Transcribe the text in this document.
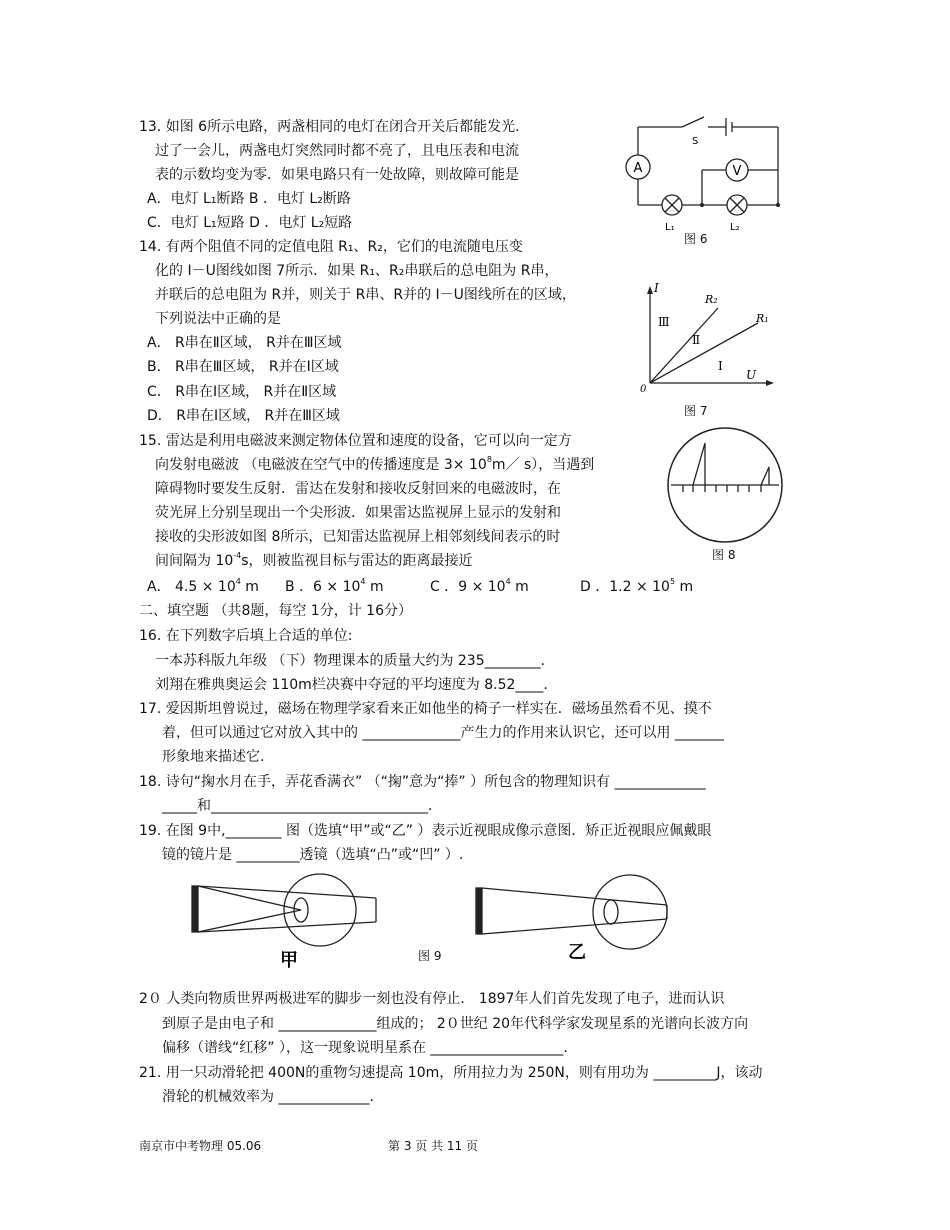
13. 如图 6所示电路，两盏相同的电灯在闭合开关后都能发光.
过了一会儿，两盏电灯突然同时都不亮了，且电压表和电流
表的示数均变为零．如果电路只有一处故障，则故障可能是
A．电灯 L₁断路 B ．电灯 L₂断路
C．电灯 L₁短路 D ．电灯 L₂短路
A	V
S
L₁	L₂
图 6
14. 有两个阻值不同的定值电阻 R₁、R₂，它们的电流随电压变
化的 I－U图线如图 7所示．如果 R₁、R₂串联后的总电阻为 R串，
并联后的总电阻为 R并，则关于 R串、R并的 I－U图线所在的区域，
下列说法中正确的是
A． R串在Ⅱ区域， R并在Ⅲ区域
B． R串在Ⅲ区域， R并在Ⅰ区域
C． R串在Ⅰ区域， R并在Ⅱ区域
D． R串在Ⅰ区域， R并在Ⅲ区域
I
U
0
R₂
R₁
Ⅲ
Ⅱ
Ⅰ
图 7
15. 雷达是利用电磁波来测定物体位置和速度的设备，它可以向一定方
向发射电磁波 （电磁波在空气中的传播速度是 $3\times 10^8m/$ s），当遇到
障碍物时要发生反射．雷达在发射和接收反射回来的电磁波时，在
荧光屏上分别呈现出一个尖形波．如果雷达监视屏上显示的发射和
接收的尖形波如图 8所示，已知雷达监视屏上相邻刻线间表示的时
间间隔为 $10^{-4}s$，则被监视目标与雷达的距离最接近
A． $4.5 \times 10^4$ m B ．$6 \times 10^4$ m	C ．$9 \times 10^4$ m	D ．$1.2 \times 10^5$ m
图 8
二、填空题 （共8题，每空 1分，计 16分）
16. 在下列数字后填上合适的单位:
一本苏科版九年级 （下）物理课本的质量大约为 235________．
刘翔在雅典奥运会 110m栏决赛中夺冠的平均速度为 8.52____．
17. 爱因斯坦曾说过，磁场在物理学家看来正如他坐的椅子一样实在．磁场虽然看不见、摸不
着，但可以通过它对放入其中的 ______________产生力的作用来认识它，还可以用 _______
形象地来描述它.
18. 诗句“掬水月在手，弄花香满衣” （“掬”意为“捧” ）所包含的物理知识有 _____________
_____和_______________________________．
19. 在图 9中,________ 图（选填“甲”或“乙” ）表示近视眼成像示意图．矫正近视眼应佩戴眼
镜的镜片是 _________透镜（选填“凸”或“凹” ）.
甲	乙
图 9
2０ 人类向物质世界两极进军的脚步一刻也没有停止． 1897年人们首先发现了电子，进而认识
到原子是由电子和 ______________组成的； 2０世纪 20年代科学家发现星系的光谱向长波方向
偏移（谱线“红移” ），这一现象说明星系在 ___________________．
21. 用一只动滑轮把 400N的重物匀速提高 10m，所用拉力为 250N，则有用功为 _________J，该动
滑轮的机械效率为 _____________．
南京市中考物理 05.06	第 3 页 共 11 页
